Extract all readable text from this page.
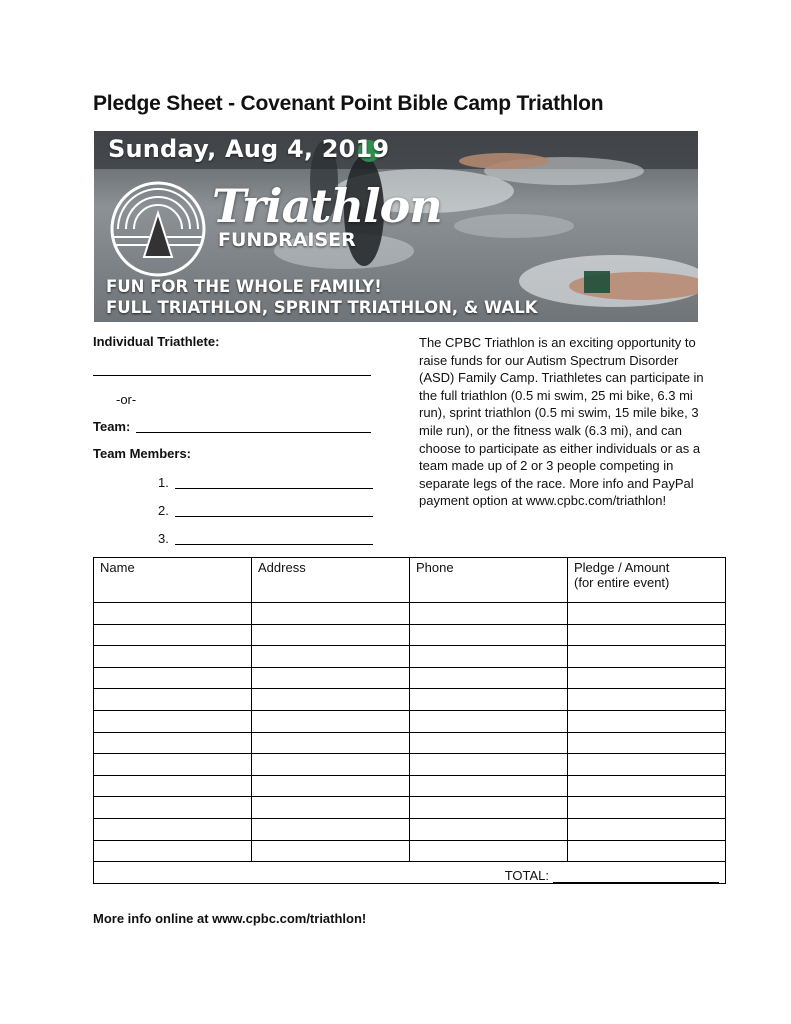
Pledge Sheet - Covenant Point Bible Camp Triathlon
Triathlon
FUNDRAISER
Sunday, Aug 4, 2019
FUN FOR THE WHOLE FAMILY!
FULL TRIATHLON, SPRINT TRIATHLON, & WALK
Individual Triathlete:
-or-
Team:
Team Members:
1.
2.
3.
The CPBC Triathlon is an exciting opportunity to raise funds for our Autism Spectrum Disorder (ASD) Family Camp. Triathletes can participate in the full triathlon (0.5 mi swim, 25 mi bike, 6.3 mi run), sprint triathlon (0.5 mi swim, 15 mile bike, 3 mile run), or the fitness walk (6.3 mi), and can choose to participate as either individuals or as a team made up of 2 or 3 people competing in separate legs of the race. More info and PayPal payment option at www.cpbc.com/triathlon!
Name	Address	Phone	Pledge / Amount
(for entire event)

TOTAL:			
More info online at www.cpbc.com/triathlon!
